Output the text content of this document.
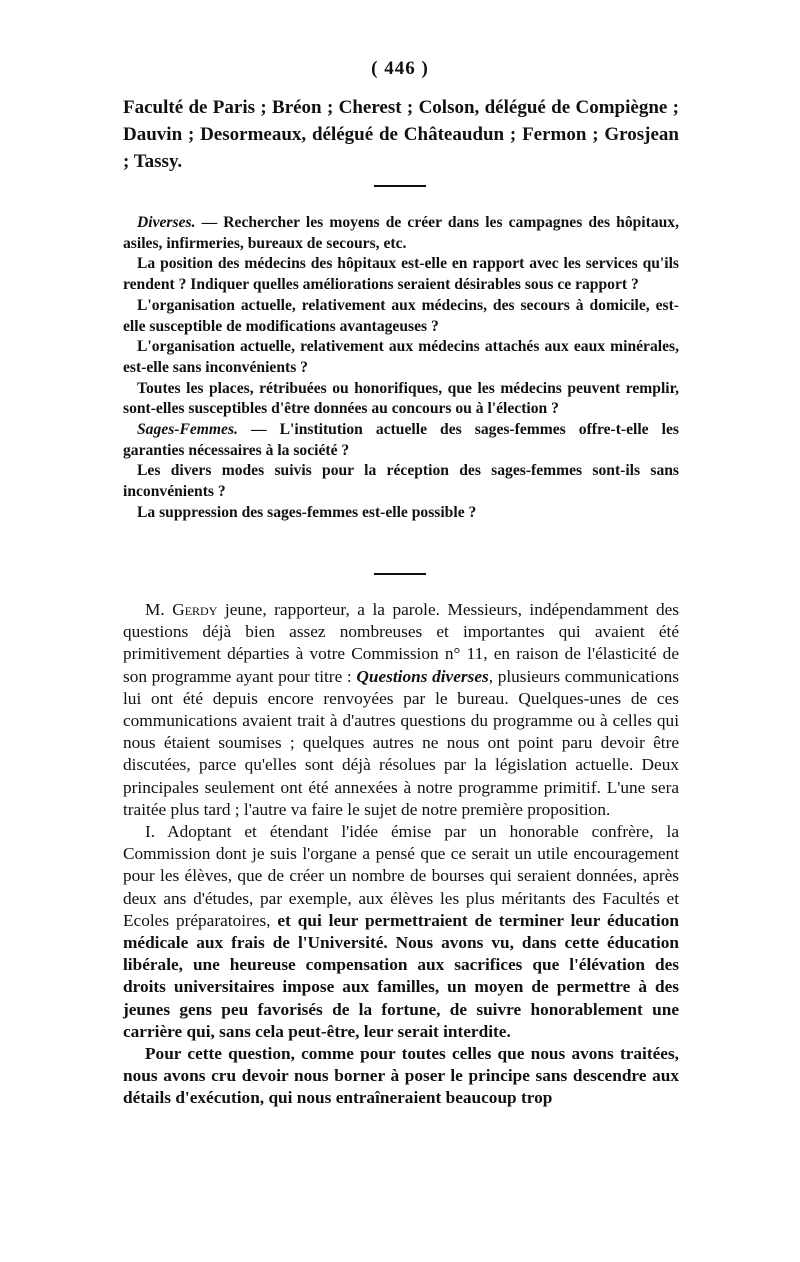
( 446 )
Faculté de Paris ; Bréon ; Cherest ; Colson, délégué de Compiègne ; Dauvin ; Desormeaux, délégué de Châteaudun ; Fermon ; Grosjean ; Tassy.

Diverses. — Rechercher les moyens de créer dans les campagnes des hôpitaux, asiles, infirmeries, bureaux de secours, etc.

La position des médecins des hôpitaux est-elle en rapport avec les services qu'ils rendent ? Indiquer quelles améliorations seraient désirables sous ce rapport ?

L'organisation actuelle, relativement aux médecins, des secours à domicile, est-elle susceptible de modifications avantageuses ?

L'organisation actuelle, relativement aux médecins attachés aux eaux minérales, est-elle sans inconvénients ?

Toutes les places, rétribuées ou honorifiques, que les médecins peuvent remplir, sont-elles susceptibles d'être données au concours ou à l'élection ?

Sages-Femmes. — L'institution actuelle des sages-femmes offre-t-elle les garanties nécessaires à la société ?

Les divers modes suivis pour la réception des sages-femmes sont-ils sans inconvénients ?

La suppression des sages-femmes est-elle possible ?

M. Gerdy jeune, rapporteur, a la parole. Messieurs, indépendamment des questions déjà bien assez nombreuses et importantes qui avaient été primitivement départies à votre Commission n° 11, en raison de l'élasticité de son programme ayant pour titre : Questions diverses, plusieurs communications lui ont été depuis encore renvoyées par le bureau. Quelques-unes de ces communications avaient trait à d'autres questions du programme ou à celles qui nous étaient soumises ; quelques autres ne nous ont point paru devoir être discutées, parce qu'elles sont déjà résolues par la législation actuelle. Deux principales seulement ont été annexées à notre programme primitif. L'une sera traitée plus tard ; l'autre va faire le sujet de notre première proposition.

I. Adoptant et étendant l'idée émise par un honorable confrère, la Commission dont je suis l'organe a pensé que ce serait un utile encouragement pour les élèves, que de créer un nombre de bourses qui seraient données, après deux ans d'études, par exemple, aux élèves les plus méritants des Facultés et Ecoles préparatoires, et qui leur permettraient de terminer leur éducation médicale aux frais de l'Université. Nous avons vu, dans cette éducation libérale, une heureuse compensation aux sacrifices que l'élévation des droits universitaires impose aux familles, un moyen de permettre à des jeunes gens peu favorisés de la fortune, de suivre honorablement une carrière qui, sans cela peut-être, leur serait interdite.

Pour cette question, comme pour toutes celles que nous avons traitées, nous avons cru devoir nous borner à poser le principe sans descendre aux détails d'exécution, qui nous entraîneraient beaucoup trop
